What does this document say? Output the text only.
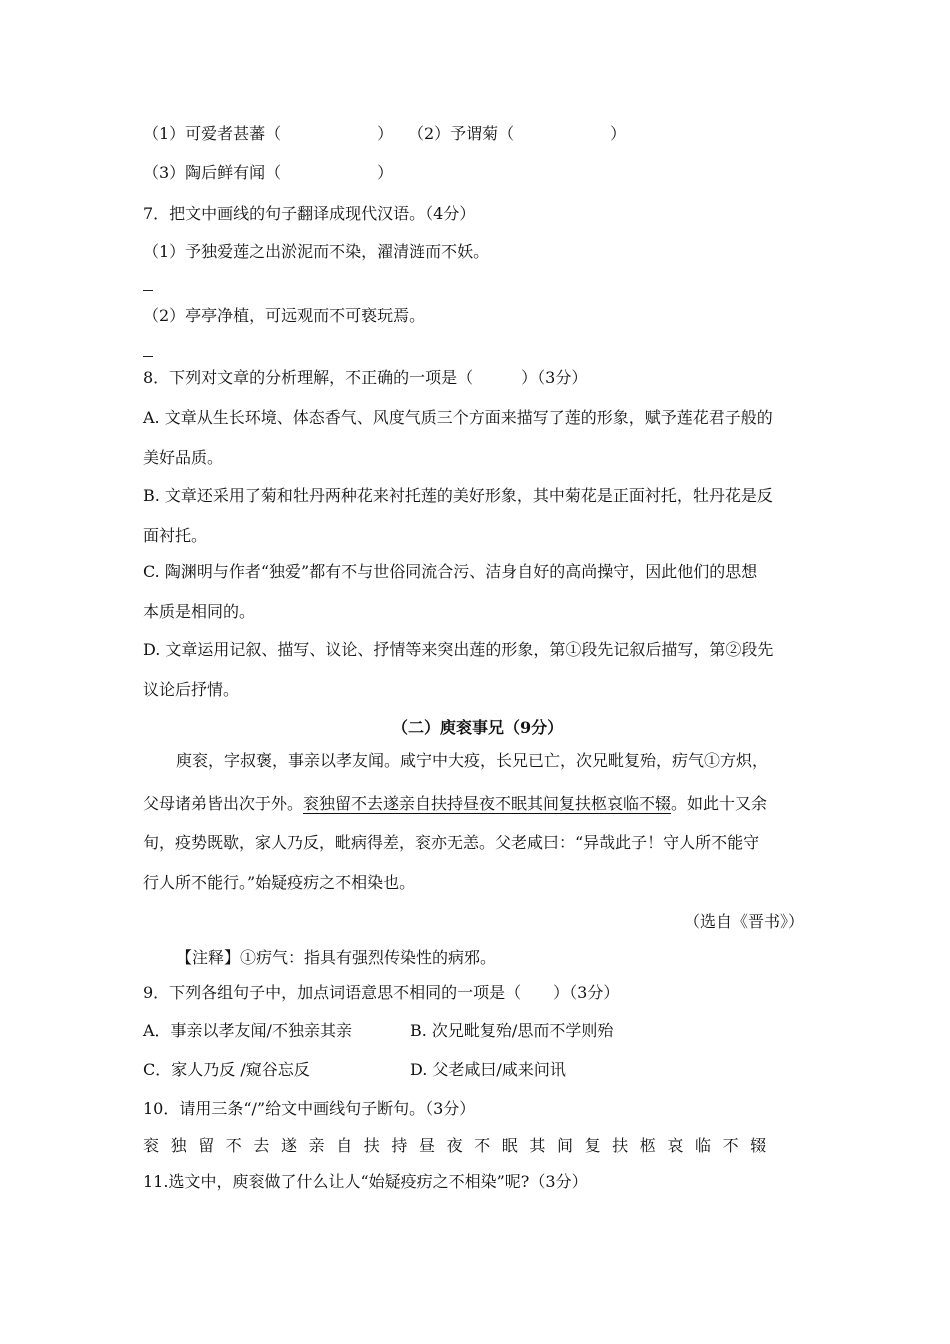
（1）可爱者甚蕃（　　　　　　） （2）予谓菊（　　　　　　）
（3）陶后鲜有闻（　　　　　　）
7．把文中画线的句子翻译成现代汉语。（4分）
（1）予独爱莲之出淤泥而不染，濯清涟而不妖。
（2）亭亭净植，可远观而不可亵玩焉。
8．下列对文章的分析理解，不正确的一项是（　　　）（3分）
A. 文章从生长环境、体态香气、风度气质三个方面来描写了莲的形象，赋予莲花君子般的
美好品质。
B. 文章还采用了菊和牡丹两种花来衬托莲的美好形象，其中菊花是正面衬托，牡丹花是反
面衬托。
C. 陶渊明与作者“独爱”都有不与世俗同流合污、洁身自好的高尚操守，因此他们的思想
本质是相同的。
D. 文章运用记叙、描写、议论、抒情等来突出莲的形象，第①段先记叙后描写，第②段先
议论后抒情。
（二）庾衮事兄（9分）
庾衮，字叔褒，事亲以孝友闻。咸宁中大疫，长兄已亡，次兄毗复殆，疠气①方炽，
父母诸弟皆出次于外。衮独留不去遂亲自扶持昼夜不眠其间复扶柩哀临不辍。如此十又余
旬，疫势既歇，家人乃反，毗病得差，衮亦无恙。父老咸曰：“异哉此子！守人所不能守
行人所不能行。”始疑疫疠之不相染也。
（选自《晋书》）
【注释】①疠气：指具有强烈传染性的病邪。
9．下列各组句子中，加点词语意思不相同的一项是（　　）（3分）
A．事亲以孝友闻/不独亲其亲	B. 次兄毗复殆/思而不学则殆
C．家人乃反 /窥谷忘反	D. 父老咸曰/咸来问讯
10．请用三条“/”给文中画线句子断句。（3分）
衮独留不去遂亲自扶持昼夜不眠其间复扶柩哀临不辍
11.选文中，庾衮做了什么让人“始疑疫疠之不相染”呢?（3分）
